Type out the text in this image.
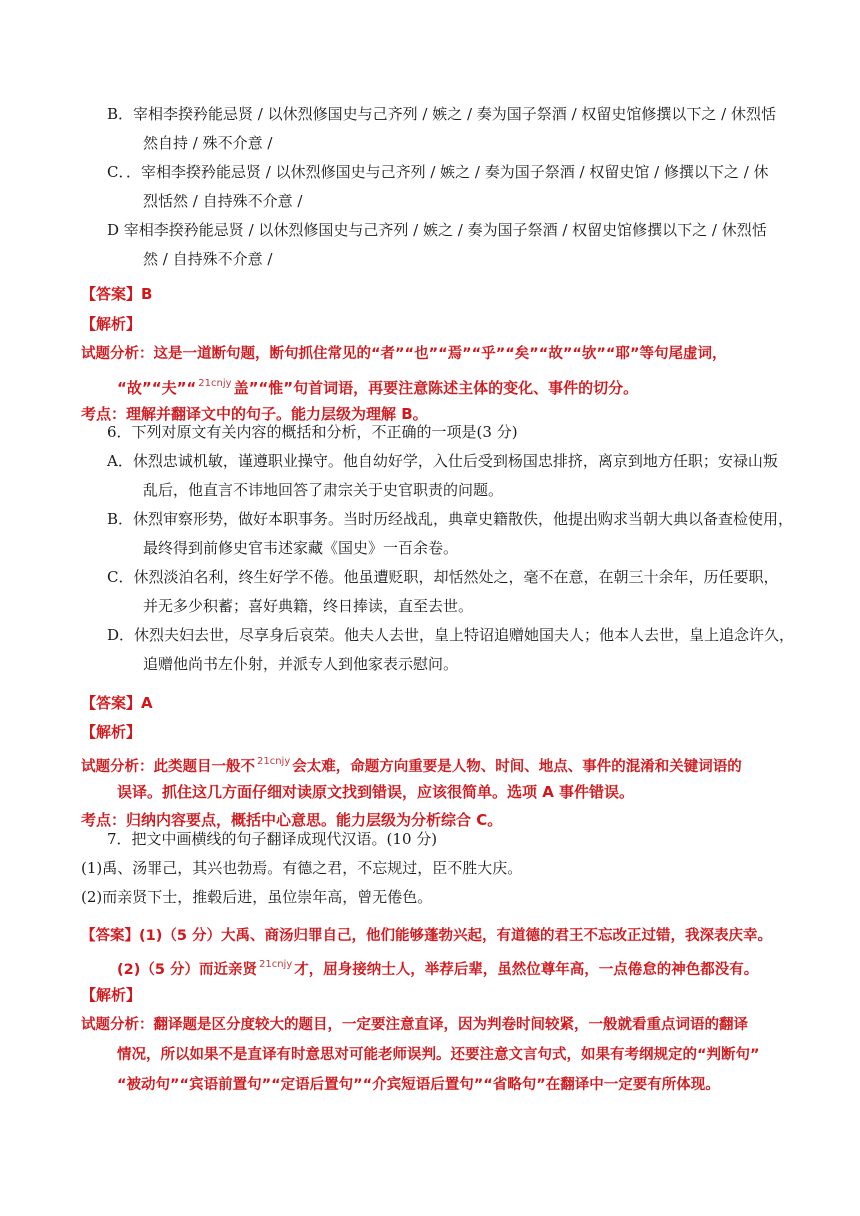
B．宰相李揆矜能忌贤 / 以休烈修国史与己齐列 / 嫉之 / 奏为国子祭酒 / 权留史馆修撰以下之 / 休烈恬
然自持 / 殊不介意 /
C．．宰相李揆矜能忌贤 / 以休烈修国史与己齐列 / 嫉之 / 奏为国子祭酒 / 权留史馆 / 修撰以下之 / 休
烈恬然 / 自持殊不介意 /
D 宰相李揆矜能忌贤 / 以休烈修国史与己齐列 / 嫉之 / 奏为国子祭酒 / 权留史馆修撰以下之 / 休烈恬
然 / 自持殊不介意 /
【答案】B
【解析】
试题分析：这是一道断句题，断句抓住常见的“者”“也”“焉”“乎”“矣”“故”“欤”“耶”等句尾虚词，
“故”“夫”“ $^{21cnjy}$ 盖”“惟”句首词语，再要注意陈述主体的变化、事件的切分。
考点：理解并翻译文中的句子。能力层级为理解 B。
6．下列对原文有关内容的概括和分析，不正确的一项是(3 分)
A．休烈忠诚机敏，谨遵职业操守。他自幼好学，入仕后受到杨国忠排挤，离京到地方任职；安禄山叛
乱后，他直言不讳地回答了肃宗关于史官职责的问题。
B．休烈审察形势，做好本职事务。当时历经战乱，典章史籍散佚，他提出购求当朝大典以备查检使用，
最终得到前修史官韦述家藏《国史》一百余卷。
C．休烈淡泊名利，终生好学不倦。他虽遭贬职，却恬然处之，毫不在意，在朝三十余年，历任要职，
并无多少积蓄；喜好典籍，终日捧读，直至去世。
D．休烈夫妇去世，尽享身后哀荣。他夫人去世，皇上特诏追赠她国夫人；他本人去世，皇上追念许久，
追赠他尚书左仆射，并派专人到他家表示慰问。
【答案】A
【解析】
试题分析：此类题目一般不 $^{21cnjy}$ 会太难，命题方向重要是人物、时间、地点、事件的混淆和关键词语的
误译。抓住这几方面仔细对读原文找到错误，应该很简单。选项 A 事件错误。
考点：归纳内容要点，概括中心意思。能力层级为分析综合 C。
7．把文中画横线的句子翻译成现代汉语。(10 分)
(1)禹、汤罪己，其兴也勃焉。有德之君，不忘规过，臣不胜大庆。
(2)而亲贤下士，推毂后进，虽位崇年高，曾无倦色。
【答案】(1)（5 分）大禹、商汤归罪自己，他们能够蓬勃兴起，有道德的君王不忘改正过错，我深表庆幸。
(2)（5 分）而近亲贤 $^{21cnjy}$ 才，屈身接纳士人，举荐后辈，虽然位尊年高，一点倦怠的神色都没有。
【解析】
试题分析：翻译题是区分度较大的题目，一定要注意直译，因为判卷时间较紧，一般就看重点词语的翻译
情况，所以如果不是直译有时意思对可能老师误判。还要注意文言句式，如果有考纲规定的“判断句”
“被动句”“宾语前置句”“定语后置句”“介宾短语后置句”“省略句”在翻译中一定要有所体现。
